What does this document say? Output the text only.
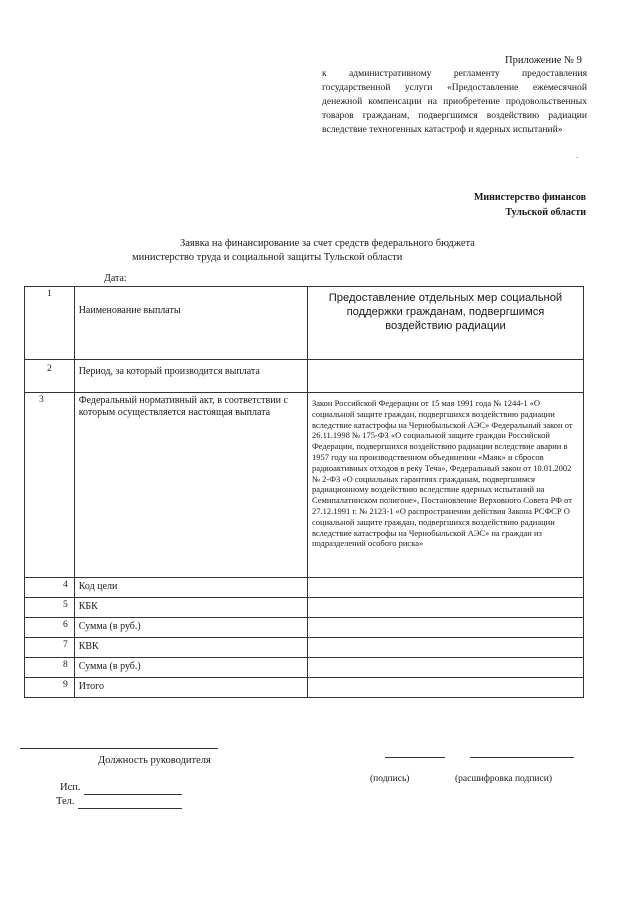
Приложение № 9
к административному регламенту предоставления государственной услуги «Предоставление ежемесячной денежной компенсации на приобретение продовольственных товаров гражданам, подвергшимся воздействию радиации вследствие техногенных катастроф и ядерных испытаний»
.
Министерство финансов
Тульской области
Заявка на финансирование за счет средств федерального бюджета
министерство труда и социальной защиты Тульской области
Дата:
1	Наименование выплаты	Предоставление отдельных мер социальной поддержки гражданам, подвергшимся воздействию радиации
2	Период, за который производится выплата	
3	Федеральный нормативный акт, в соответствии с которым осуществляется настоящая выплата	Закон Российской Федерации от 15 мая 1991 года № 1244-1 «О социальной защите граждан, подвергшихся воздействию радиации вследствие катастрофы на Чернобыльской АЭС» Федеральный закон от 26.11.1998 № 175-ФЗ «О социальной защите граждан Российской Федерации, подвергшихся воздействию радиации вследствие аварии в 1957 году на производственном объединении «Маяк» и сбросов радиоактивных отходов в реку Теча», Федеральный закон от 10.01.2002 № 2-ФЗ «О социальных гарантиях гражданам, подвергшимся радиационному воздействию вследствие ядерных испытаний на Семипалатинском полигоне», Постановление Верховного Совета РФ от 27.12.1991 г. № 2123-1 «О распространении действия Закона РСФСР О социальной защите граждан, подвергшихся воздействию радиации вследствие катастрофы на Чернобыльской АЭС» на граждан из подразделений особого риска»
4	Код цели	
5	КБК	
6	Сумма (в руб.)	
7	КВК	
8	Сумма (в руб.)	
9	Итого	
Должность руководителя
(подпись)	(расшифровка подписи)
Исп.
Тел.
